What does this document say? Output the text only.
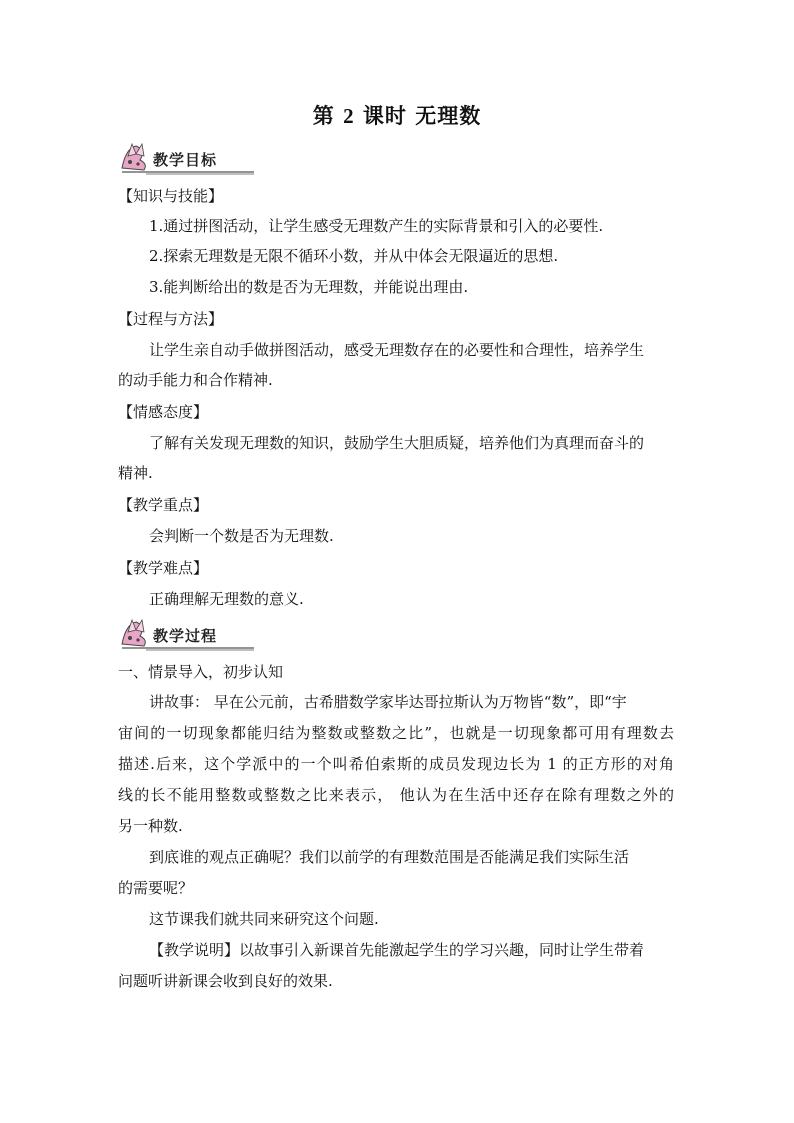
第 2 课时 无理数
教学目标
【知识与技能】
1.通过拼图活动，让学生感受无理数产生的实际背景和引入的必要性.
2.探索无理数是无限不循环小数，并从中体会无限逼近的思想.
3.能判断给出的数是否为无理数，并能说出理由.
【过程与方法】
让学生亲自动手做拼图活动，感受无理数存在的必要性和合理性，培养学生
的动手能力和合作精神.
【情感态度】
了解有关发现无理数的知识，鼓励学生大胆质疑，培养他们为真理而奋斗的
精神.
【教学重点】
会判断一个数是否为无理数.
【教学难点】
正确理解无理数的意义.
教学过程
一、情景导入，初步认知
讲故事： 早在公元前，古希腊数学家毕达哥拉斯认为万物皆“数”，即“宇
宙间的一切现象都能归结为整数或整数之比”，也就是一切现象都可用有理数去
描述.后来，这个学派中的一个叫希伯索斯的成员发现边长为 1 的正方形的对角
线的长不能用整数或整数之比来表示， 他认为在生活中还存在除有理数之外的
另一种数.
到底谁的观点正确呢？我们以前学的有理数范围是否能满足我们实际生活
的需要呢？
这节课我们就共同来研究这个问题.
【教学说明】以故事引入新课首先能激起学生的学习兴趣，同时让学生带着
问题听讲新课会收到良好的效果.
